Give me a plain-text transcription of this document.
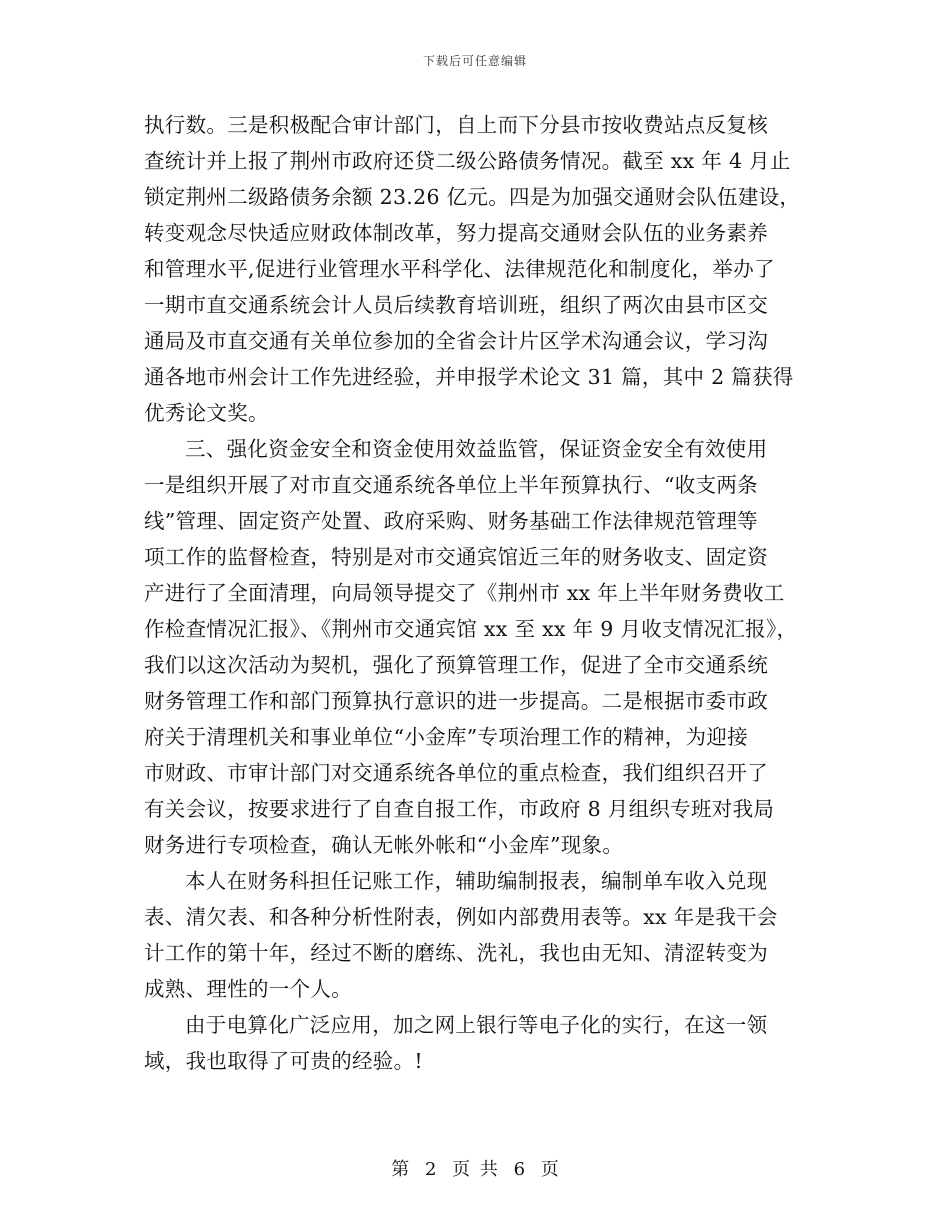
下载后可任意编辑
执行数。三是积极配合审计部门，自上而下分县市按收费站点反复核
查统计并上报了荆州市政府还贷二级公路债务情况。截至 xx 年 4 月止
锁定荆州二级路债务余额 23.26 亿元。四是为加强交通财会队伍建设，
转变观念尽快适应财政体制改革，努力提高交通财会队伍的业务素养
和管理水平,促进行业管理水平科学化、法律规范化和制度化，举办了
一期市直交通系统会计人员后续教育培训班，组织了两次由县市区交
通局及市直交通有关单位参加的全省会计片区学术沟通会议，学习沟
通各地市州会计工作先进经验，并申报学术论文 31 篇，其中 2 篇获得
优秀论文奖。
三、强化资金安全和资金使用效益监管，保证资金安全有效使用
一是组织开展了对市直交通系统各单位上半年预算执行、“收支两条
线”管理、固定资产处置、政府采购、财务基础工作法律规范管理等
项工作的监督检查，特别是对市交通宾馆近三年的财务收支、固定资
产进行了全面清理，向局领导提交了《荆州市 xx 年上半年财务费收工
作检查情况汇报》、《荆州市交通宾馆 xx 至 xx 年 9 月收支情况汇报》，
我们以这次活动为契机，强化了预算管理工作，促进了全市交通系统
财务管理工作和部门预算执行意识的进一步提高。二是根据市委市政
府关于清理机关和事业单位“小金库”专项治理工作的精神，为迎接
市财政、市审计部门对交通系统各单位的重点检查，我们组织召开了
有关会议，按要求进行了自查自报工作，市政府 8 月组织专班对我局
财务进行专项检查，确认无帐外帐和“小金库”现象。
本人在财务科担任记账工作，辅助编制报表，编制单车收入兑现
表、清欠表、和各种分析性附表，例如内部费用表等。xx 年是我干会
计工作的第十年，经过不断的磨练、洗礼，我也由无知、清涩转变为
成熟、理性的一个人。
由于电算化广泛应用，加之网上银行等电子化的实行，在这一领
域，我也取得了可贵的经验。!
第 2 页 共 6 页
